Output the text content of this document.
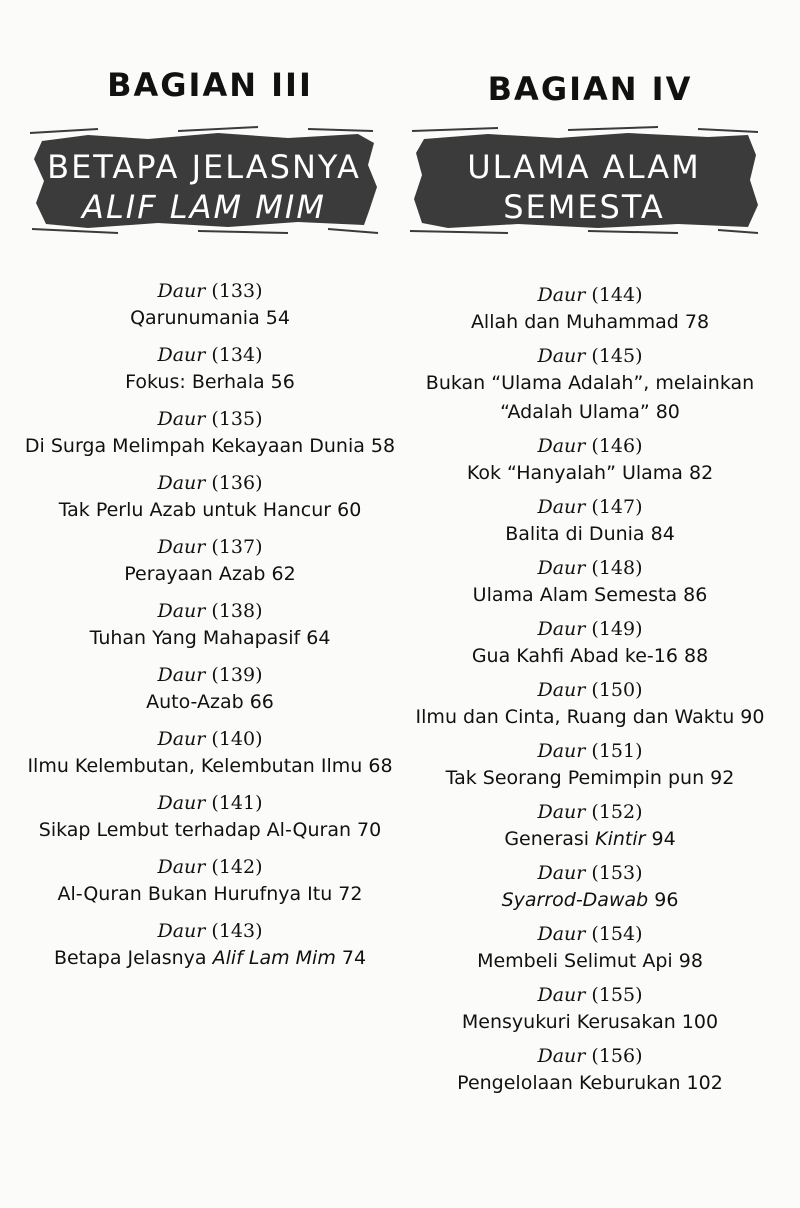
BAGIAN III
BETAPA JELASNYA
ALIF LAM MIM
Daur (133)
Qarunumania 54
Daur (134)
Fokus: Berhala 56
Daur (135)
Di Surga Melimpah Kekayaan Dunia 58
Daur (136)
Tak Perlu Azab untuk Hancur 60
Daur (137)
Perayaan Azab 62
Daur (138)
Tuhan Yang Mahapasif 64
Daur (139)
Auto-Azab 66
Daur (140)
Ilmu Kelembutan, Kelembutan Ilmu 68
Daur (141)
Sikap Lembut terhadap Al-Quran 70
Daur (142)
Al-Quran Bukan Hurufnya Itu 72
Daur (143)
Betapa Jelasnya Alif Lam Mim 74
BAGIAN IV
ULAMA ALAM
SEMESTA
Daur (144)
Allah dan Muhammad 78
Daur (145)
Bukan “Ulama Adalah”, melainkan “Adalah Ulama” 80
Daur (146)
Kok “Hanyalah” Ulama 82
Daur (147)
Balita di Dunia 84
Daur (148)
Ulama Alam Semesta 86
Daur (149)
Gua Kahfi Abad ke-16 88
Daur (150)
Ilmu dan Cinta, Ruang dan Waktu 90
Daur (151)
Tak Seorang Pemimpin pun 92
Daur (152)
Generasi Kintir 94
Daur (153)
Syarrod-Dawab 96
Daur (154)
Membeli Selimut Api 98
Daur (155)
Mensyukuri Kerusakan 100
Daur (156)
Pengelolaan Keburukan 102
